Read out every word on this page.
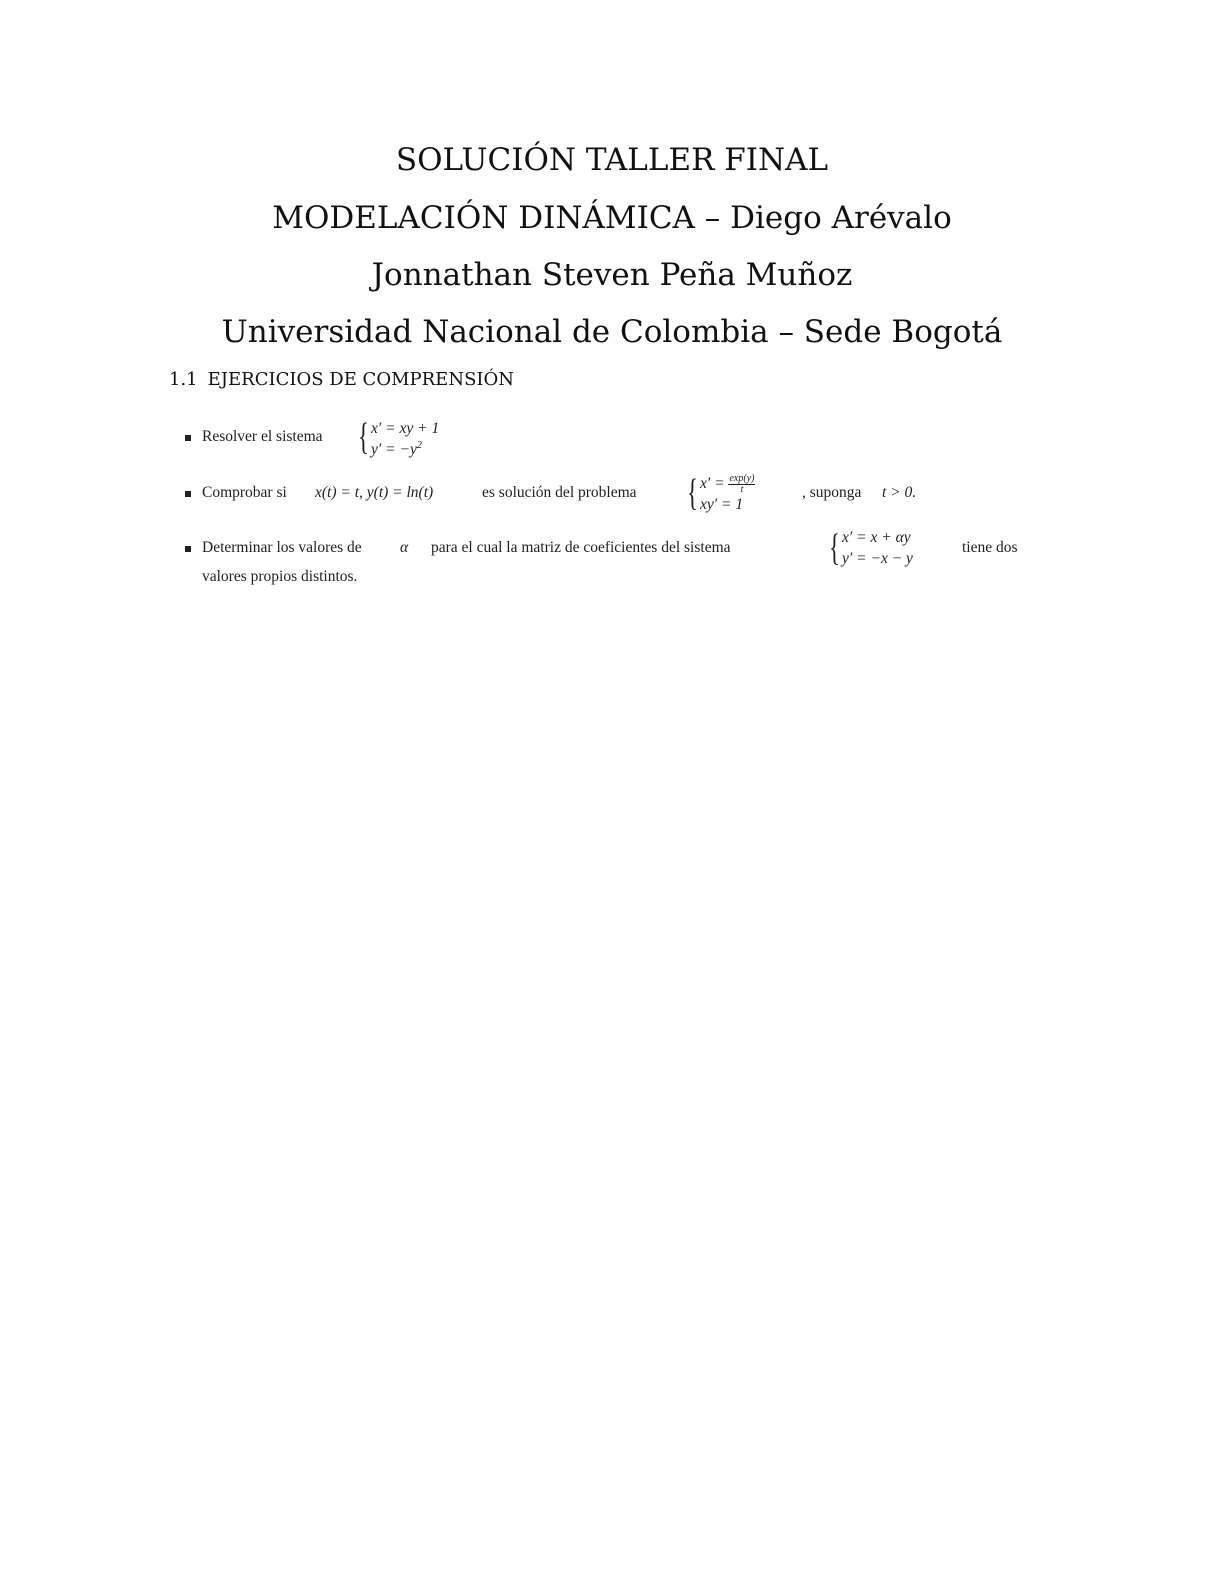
SOLUCIÓN TALLER FINAL
MODELACIÓN DINÁMICA – Diego Arévalo
Jonnathan Steven Peña Muñoz
Universidad Nacional de Colombia – Sede Bogotá
1.1 EJERCICIOS DE COMPRENSIÓN
Resolver el sistema { x′ = xy + 1
$y' = -y^2$
Comprobar si x(t) = t, y(t) = ln(t)	es solución del problema { $x' = \frac{\exp(y)}{t}$
xy′ = 1
, suponga t > 0.
Determinar los valores de α para el cual la matriz de coeficientes del sistema	{ x′ = x + αy
y′ = −x − y
tiene dos
valores propios distintos.
